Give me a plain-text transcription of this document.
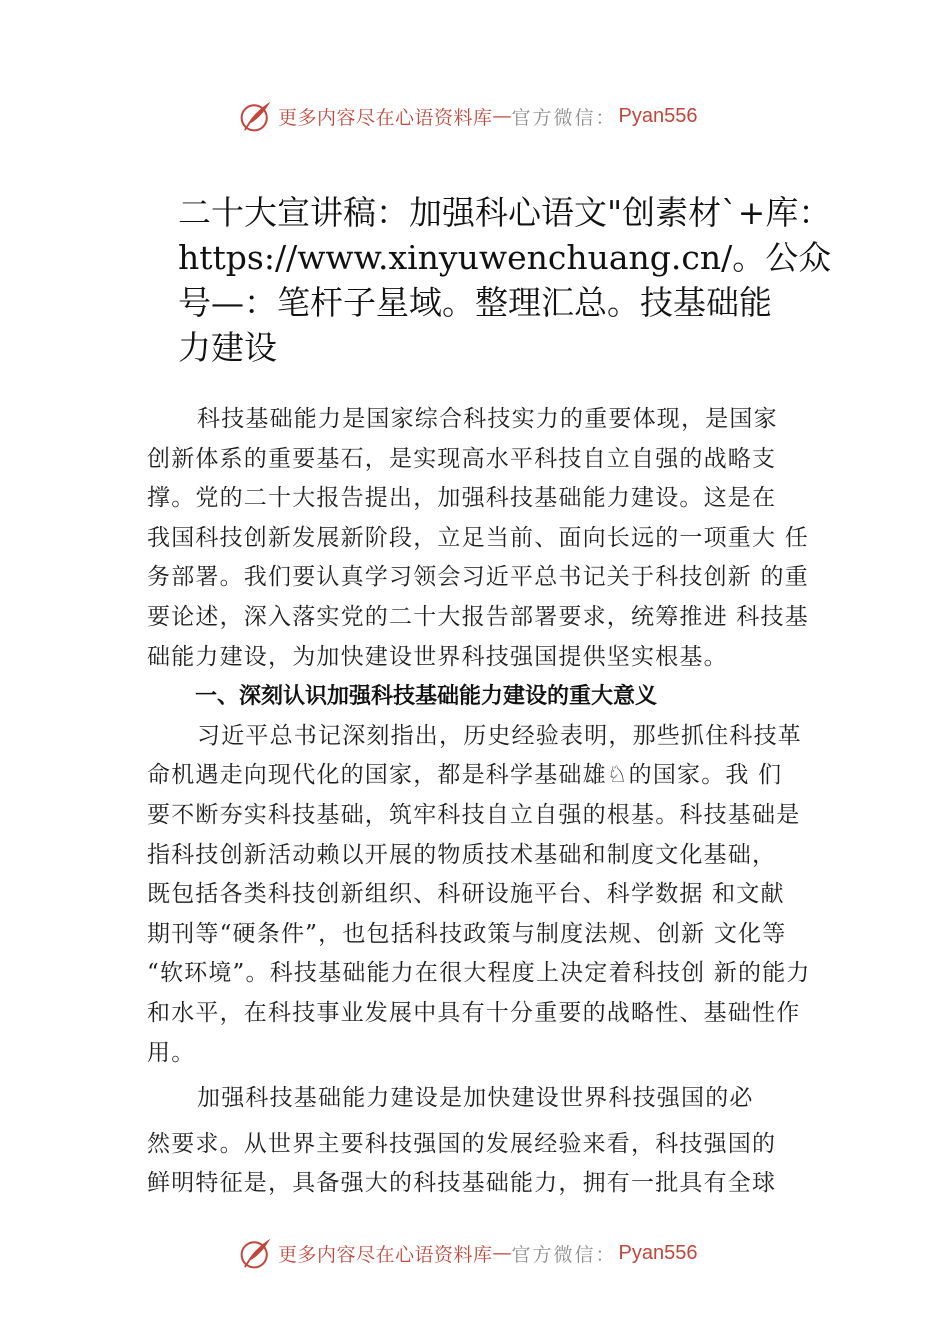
更多内容尽在心语资料库 — 官方微信： Pyan556
二十大宣讲稿：加强科心语文"创素材`+库：
https://www.xinyuwenchuang.cn/。公众
号—：笔杆子星域。整理汇总。技基础能
力建设
科技基础能力是国家综合科技实力的重要体现，是国家
创新体系的重要基石，是实现高水平科技自立自强的战略支
撑。党的二十大报告提出，加强科技基础能力建设。这是在
我国科技创新发展新阶段，立足当前、面向长远的一项重大 任
务部署。我们要认真学习领会习近平总书记关于科技创新 的重
要论述，深入落实党的二十大报告部署要求，统筹推进 科技基
础能力建设，为加快建设世界科技强国提供坚实根基。
一、深刻认识加强科技基础能力建设的重大意义
习近平总书记深刻指出，历史经验表明，那些抓住科技革
命机遇走向现代化的国家，都是科学基础雄♘的国家。我 们
要不断夯实科技基础，筑牢科技自立自强的根基。科技基础是
指科技创新活动赖以开展的物质技术基础和制度文化基础，
既包括各类科技创新组织、科研设施平台、科学数据 和文献
期刊等“硬条件”，也包括科技政策与制度法规、创新 文化等
“软环境”。科技基础能力在很大程度上决定着科技创 新的能力
和水平，在科技事业发展中具有十分重要的战略性、基础性作
用。
加强科技基础能力建设是加快建设世界科技强国的必
然要求。从世界主要科技强国的发展经验来看，科技强国的
鲜明特征是，具备强大的科技基础能力，拥有一批具有全球
更多内容尽在心语资料库 — 官方微信： Pyan556
